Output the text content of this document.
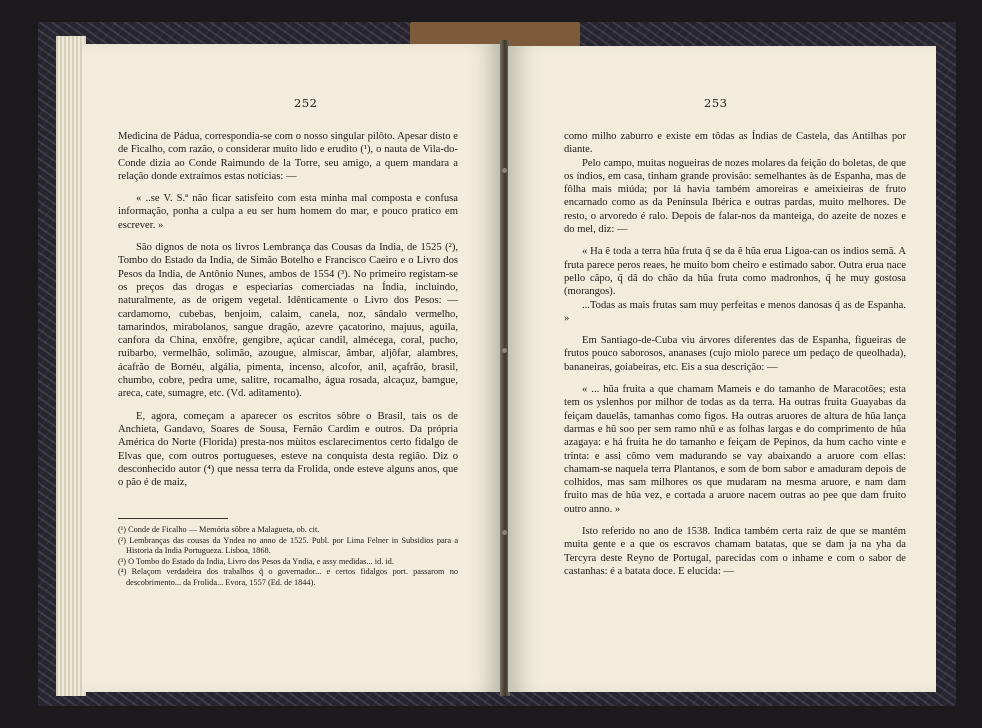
252

Medicina de Pádua, correspondia-se com o nosso singular pilôto. Apesar disto e de Ficalho, com razão, o considerar muito lido e erudito (¹), o nauta de Vila-do-Conde dizia ao Conde Raimundo de la Torre, seu amigo, a quem mandara a relação donde extraímos estas notícias: —

« ..se V. S.ª não ficar satisfeito com esta minha mal composta e confusa informação, ponha a culpa a eu ser hum homem do mar, e pouco pratico em escrever. »

São dignos de nota os livros Lembrança das Cousas da India, de 1525 (²), Tombo do Estado da India, de Simão Botelho e Francisco Caeiro e o Livro dos Pesos da India, de Antônio Nunes, ambos de 1554 (³). No primeiro registam-se os preços das drogas e especiarias comerciadas na Índia, incluindo, naturalmente, as de origem vegetal. Idênticamente o Livro dos Pesos: — cardamomo, cubebas, benjoim, calaim, canela, noz, sândalo vermelho, tamarindos, mirabolanos, sangue dragão, azevre çacatorino, majuus, aguila, canfora da China, enxôfre, gengibre, açúcar candil, almécega, coral, pucho, ruibarbo, vermelhão, solimão, azougue, almiscar, âmbar, aljôfar, alambres, ácafrão de Bornéu, algália, pimenta, incenso, alcofor, anil, açafrão, brasil, chumbo, cobre, pedra ume, salitre, rocamalho, água rosada, alcaçuz, bamgue, areca, cate, sumagre, etc. (Vd. aditamento).

E, agora, começam a aparecer os escritos sôbre o Brasil, tais os de Anchieta, Gandavo, Soares de Sousa, Fernão Cardim e outros. Da própria América do Norte (Florida) presta-nos mùitos esclarecimentos certo fidalgo de Elvas que, com outros portugueses, esteve na conquista desta região. Diz o desconhecido autor (⁴) que nessa terra da Frolida, onde esteve alguns anos, que o pão é de maiz,

(¹) Conde de Ficalho — Memória sôbre a Malagueta, ob. cit.

(²) Lembranças das cousas da Yndea no anno de 1525. Publ. por Lima Felner in Subsidios para a Historia da India Portugueza. Lisboa, 1868.

(³) O Tombo do Estado da India, Livro dos Pesos da Yndia, e assy medidas... id. id.

(⁴) Relaçom verdadeira dos trabalhos q̃ o governador... e certos fidalgos port. passarom no descobrimento... da Frolida... Evora, 1557 (Ed. de 1844).

253

como milho zaburro e existe em tôdas as Índias de Castela, das Antilhas por diante.

Pelo campo, muitas nogueiras de nozes molares da feição do boletas, de que os índios, em casa, tinham grande provisão: semelhantes às de Espanha, mas de fôlha mais miúda; por lá havia também amoreiras e ameixieiras de fruto encarnado como as da Península Ibérica e outras pardas, muito melhores. De resto, o arvoredo é ralo. Depois de falar-nos da manteiga, do azeite de nozes e do mel, diz: —

« Ha ẽ toda a terra hũa fruta q̃ se da ẽ hũa erua Ligoa-can os indios semã. A fruta parece peros reaes, he muito bom cheiro e estimado sabor. Outra erua nace pello cãpo, q̃ dâ do chão da hũa fruta como madronhos, q̃ he muy gostosa (morangos).

...Todas as mais frutas sam muy perfeitas e menos danosas q̃ as de Espanha. »

Em Santiago-de-Cuba viu árvores diferentes das de Espanha, figueiras de frutos pouco saborosos, ananases (cujo miolo parece um pedaço de queolhada), bananeiras, goiabeiras, etc. Eis a sua descrição: —

« ... hũa fruita a que chamam Mameis e do tamanho de Maracotões; esta tem os yslenhos por milhor de todas as da terra. Ha outras fruita Guayabas da feiçam dauelãs, tamanhas como figos. Ha outras aruores de altura de hũa lança darmas e hũ soo per sem ramo nhũ e as folhas largas e do comprimento de hũa azagaya: e há fruita he do tamanho e feiçam de Pepinos, da hum cacho vinte e trinta: e assi cõmo vem madurando se vay abaixando a aruore com ellas: chamam-se naquela terra Plantanos, e som de bom sabor e amaduram depois de colhidos, mas sam milhores os que mudaram na mesma aruore, e nam dam fruito mas de hũa vez, e cortada a aruore nacem outras ao pee que dam fruito outro anno. »

Isto referido no ano de 1538. Indica também certa raiz de que se mantém muita gente e a que os escravos chamam batatas, que se dam ja na yha da Tercyra deste Reyno de Portugal, parecidas com o inhame e com o sabor de castanhas: é a batata doce. E elucida: —
